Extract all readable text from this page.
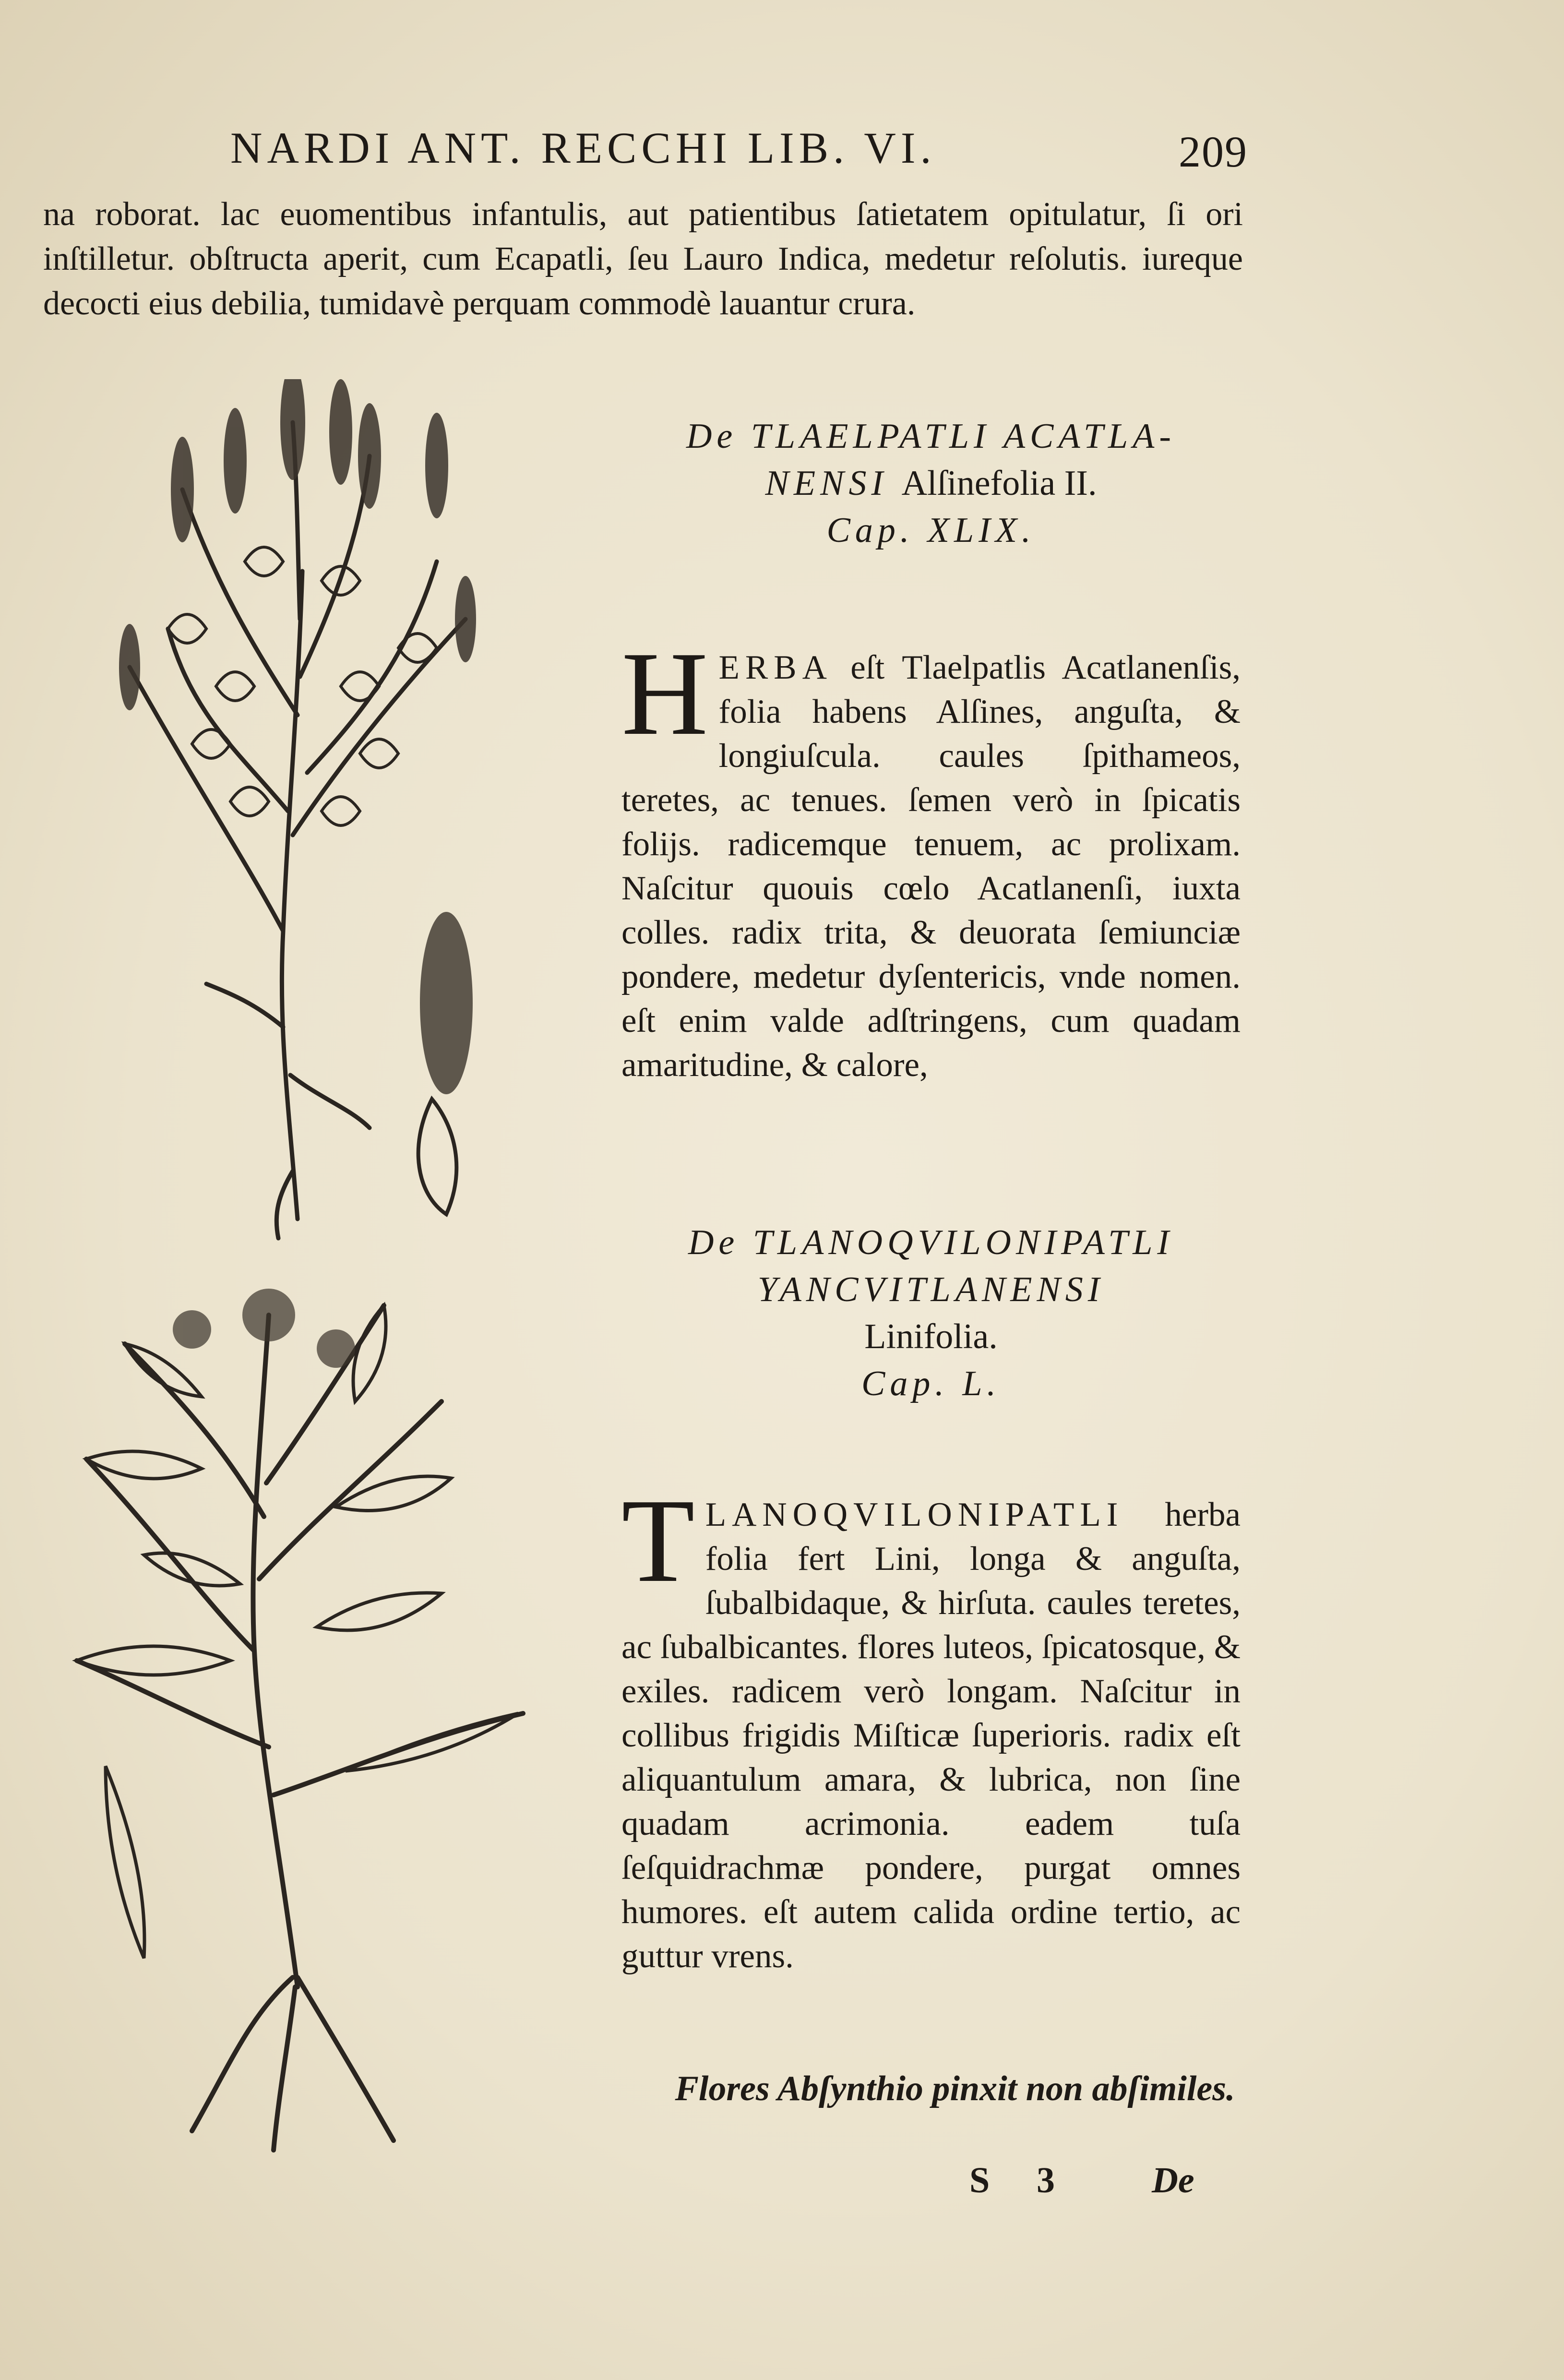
NARDI ANT. RECCHI LIB. VI.	209
na roborat. lac euomentibus infantulis, aut patientibus ſatietatem opitulatur, ſi ori inſtilletur. obſtructa aperit, cum Ecapatli, ſeu Lauro Indica, medetur reſolutis. iureque decocti eius debilia, tumidavè perquam commodè lauantur crura.
De TLAELPATLI ACATLA-
NENSI Alſinefolia II.
Cap. XLIX.
H ERBA eſt Tlaelpatlis Acatlanenſis, folia habens Alſines, anguſta, & longiuſcula. caules ſpithameos, teretes, ac tenues. ſemen verò in ſpicatis folijs. radicemque tenuem, ac prolixam. Naſcitur quouis cœlo Acatlanenſi, iuxta colles. radix trita, & deuorata ſemiunciæ pondere, medetur dyſentericis, vnde nomen. eſt enim valde adſtringens, cum quadam amaritudine, & calore,
De TLANOQVILONIPATLI
YANCVITLANENSI
Linifolia.
Cap. L.
T LANOQVILONIPATLI herba folia fert Lini, longa & anguſta, ſubalbidaque, & hirſuta. caules teretes, ac ſubalbicantes. flores luteos, ſpicatosque, & exiles. radicem verò longam. Naſcitur in collibus frigidis Miſticæ ſuperioris. radix eſt aliquantulum amara, & lubrica, non ſine quadam acrimonia. eadem tuſa ſeſquidrachmæ pondere, purgat omnes humores. eſt autem calida ordine tertio, ac guttur vrens.
Flores Abſynthio pinxit non abſimiles.
S 3	De
